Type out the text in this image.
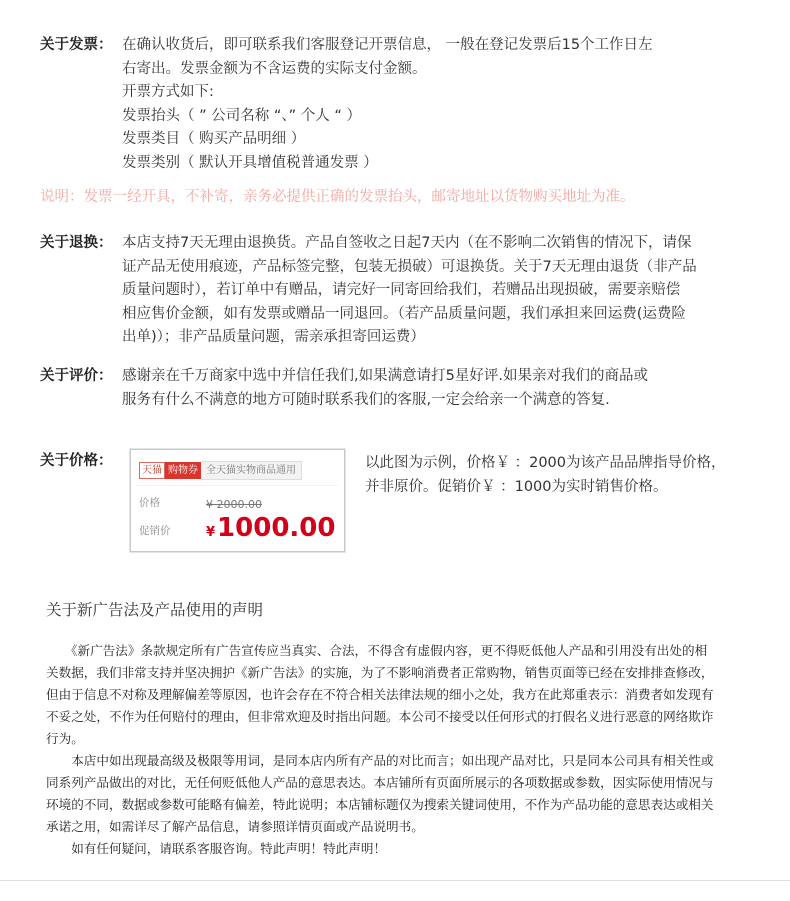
关于发票： 在确认收货后，即可联系我们客服登记开票信息， 一般在登记发票后15个工作日左
右寄出。发票金额为不含运费的实际支付金额。
开票方式如下:
发票抬头（ ” 公司名称 “、” 个人 “ ）
发票类目（ 购买产品明细 ）
发票类别（ 默认开具增值税普通发票 ）
说明：发票一经开具，不补寄，亲务必提供正确的发票抬头，邮寄地址以货物购买地址为准。
关于退换： 本店支持7天无理由退换货。产品自签收之日起7天内（在不影响二次销售的情况下，请保
证产品无使用痕迹，产品标签完整，包装无损破）可退换货。关于7天无理由退货（非产品
质量问题时），若订单中有赠品，请完好一同寄回给我们，若赠品出现损破，需要亲赔偿
相应售价金额，如有发票或赠品一同退回。（若产品质量问题，我们承担来回运费(运费险
出单)）；非产品质量问题，需亲承担寄回运费）
关于评价： 感谢亲在千万商家中选中并信任我们,如果满意请打5星好评.如果亲对我们的商品或
服务有什么不满意的地方可随时联系我们的客服,一定会给亲一个满意的答复.
关于价格：
天猫 购物券 全天猫实物商品通用
价格	¥ 2000.00
促销价	¥1000.00
以此图为示例，价格￥ ：2000为该产品品牌指导价格，
并非原价。促销价￥ ：1000为实时销售价格。
关于新广告法及产品使用的声明
　　《新广告法》条款规定所有广告宣传应当真实、合法，不得含有虚假内容，更不得贬低他人产品和引用没有出处的相
关数据，我们非常支持并坚决拥护《新广告法》的实施，为了不影响消费者正常购物，销售页面等已经在安排排查修改，
但由于信息不对称及理解偏差等原因，也许会存在不符合相关法律法规的细小之处，我方在此郑重表示：消费者如发现有
不妥之处，不作为任何赔付的理由，但非常欢迎及时指出问题。本公司不接受以任何形式的打假名义进行恶意的网络欺诈
行为。
　　本店中如出现最高级及极限等用词，是同本店内所有产品的对比而言；如出现产品对比，只是同本公司具有相关性或
同系列产品做出的对比，无任何贬低他人产品的意思表达。本店铺所有页面所展示的各项数据或参数，因实际使用情况与
环境的不同，数据或参数可能略有偏差，特此说明；本店铺标题仅为搜索关键词使用，不作为产品功能的意思表达或相关
承诺之用，如需详尽了解产品信息，请参照详情页面或产品说明书。
　　如有任何疑问，请联系客服咨询。特此声明！特此声明！
